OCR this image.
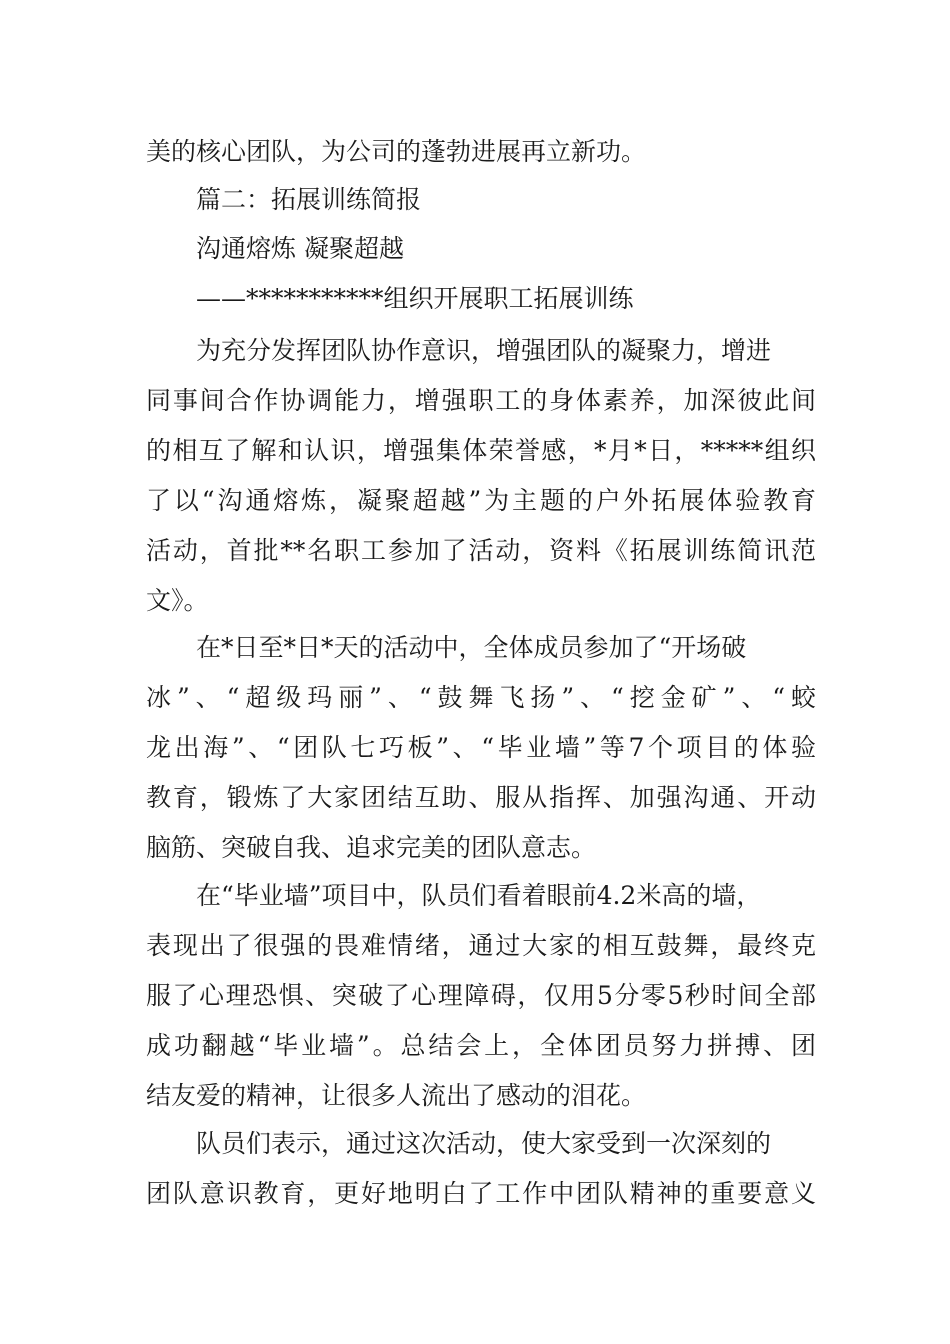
美的核心团队，为公司的蓬勃进展再立新功。
篇二：拓展训练简报
沟通熔炼 凝聚超越
——***********组织开展职工拓展训练
为充分发挥团队协作意识，增强团队的凝聚力，增进
同事间合作协调能力，增强职工的身体素养，加深彼此间
的相互了解和认识，增强集体荣誉感，*月*日，*****组织
了以“沟通熔炼，凝聚超越”为主题的户外拓展体验教育
活动，首批**名职工参加了活动，资料《拓展训练简讯范
文》。
在*日至*日*天的活动中，全体成员参加了“开场破
冰”、“超级玛丽”、“鼓舞飞扬”、“挖金矿”、“蛟
龙出海”、“团队七巧板”、“毕业墙”等7个项目的体验
教育，锻炼了大家团结互助、服从指挥、加强沟通、开动
脑筋、突破自我、追求完美的团队意志。
在“毕业墙”项目中，队员们看着眼前4.2米高的墙，
表现出了很强的畏难情绪，通过大家的相互鼓舞，最终克
服了心理恐惧、突破了心理障碍，仅用5分零5秒时间全部
成功翻越“毕业墙”。总结会上，全体团员努力拼搏、团
结友爱的精神，让很多人流出了感动的泪花。
队员们表示，通过这次活动，使大家受到一次深刻的
团队意识教育，更好地明白了工作中团队精神的重要意义
